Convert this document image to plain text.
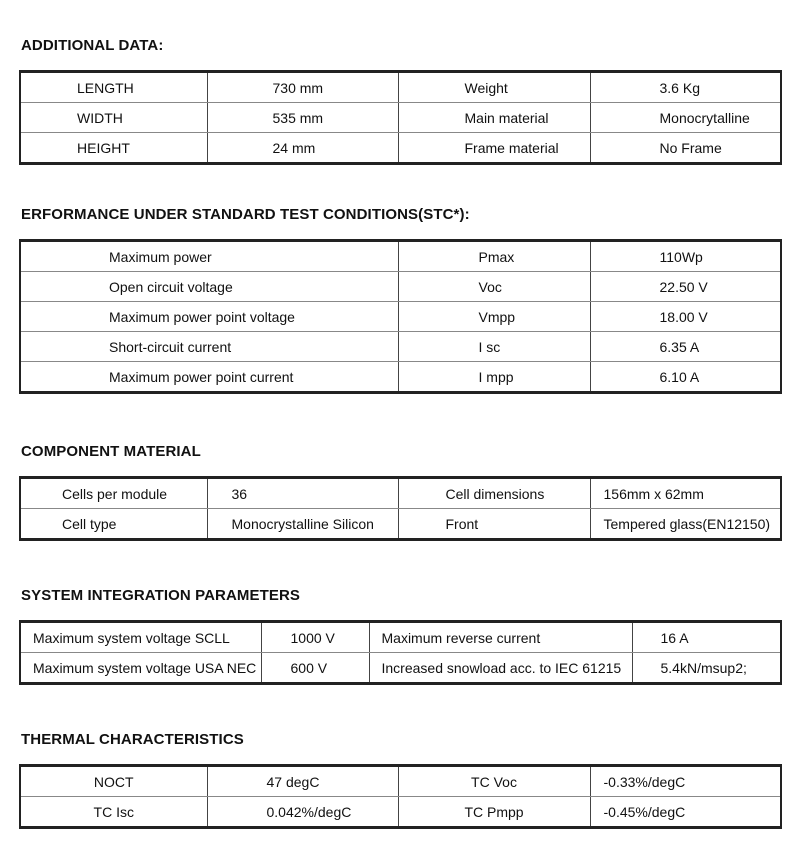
ADDITIONAL DATA:
LENGTH	730 mm	Weight	3.6 Kg
WIDTH	535 mm	Main material	Monocrytalline
HEIGHT	24 mm	Frame material	No Frame
ERFORMANCE UNDER STANDARD TEST CONDITIONS(STC*):
Maximum power	Pmax	110Wp
Open circuit voltage	Voc	22.50 V
Maximum power point voltage	Vmpp	18.00 V
Short-circuit current	I sc	6.35 A
Maximum power point current	I mpp	6.10 A
COMPONENT MATERIAL
Cells per module	36	Cell dimensions	156mm x 62mm
Cell type	Monocrystalline Silicon	Front	Tempered glass(EN12150)
SYSTEM INTEGRATION PARAMETERS
Maximum system voltage SCLL	1000 V	Maximum reverse current	16 A
Maximum system voltage USA NEC	600 V	Increased snowload acc. to IEC 61215	5.4kN/msup2;
THERMAL CHARACTERISTICS
NOCT	47 degC	TC Voc	-0.33%/degC
TC Isc	0.042%/degC	TC Pmpp	-0.45%/degC
